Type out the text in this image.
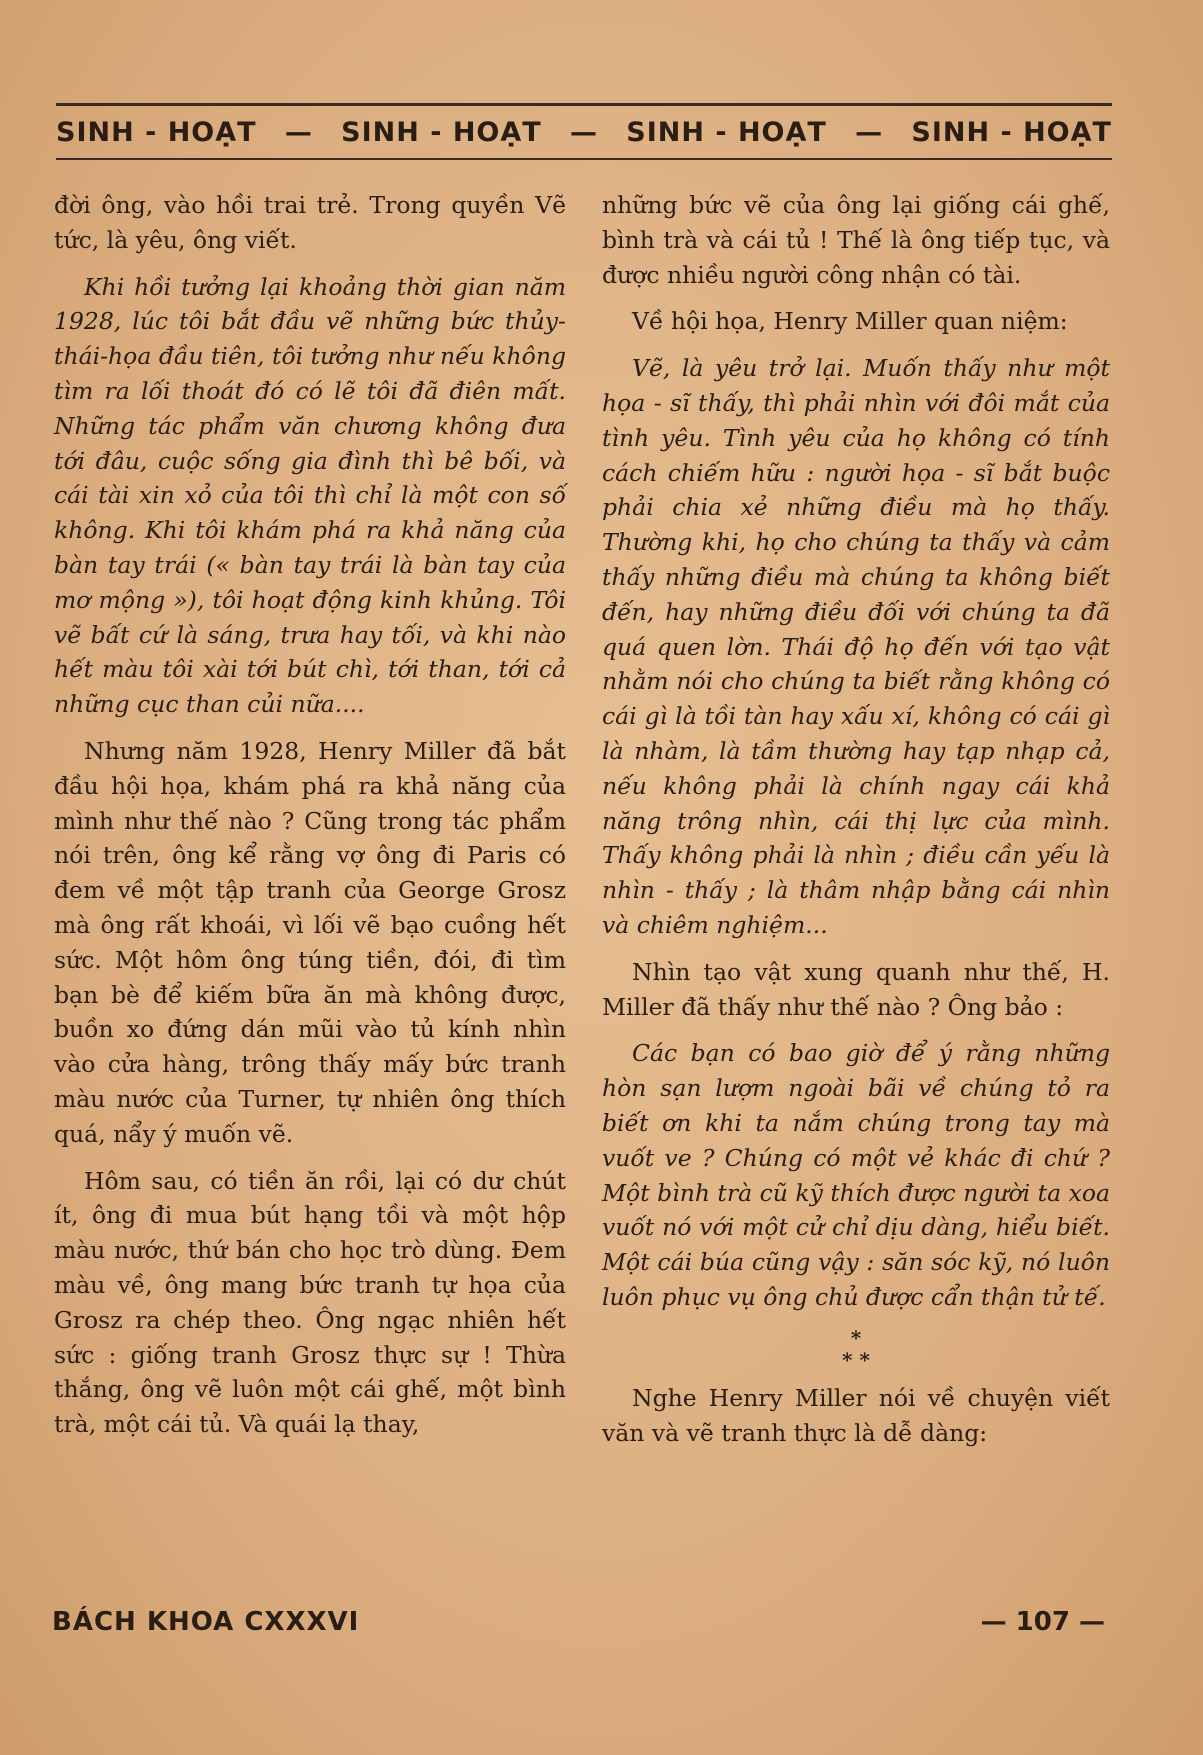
SINH - HOẠT — SINH - HOẠT — SINH - HOẠT — SINH - HOẠT

đời ông, vào hồi trai trẻ. Trong quyền Vẽ tức, là yêu, ông viết.

Khi hồi tưởng lại khoảng thời gian năm 1928, lúc tôi bắt đầu vẽ những bức thủy-thái-họa đầu tiên, tôi tưởng như nếu không tìm ra lối thoát đó có lẽ tôi đã điên mất. Những tác phẩm văn chương không đưa tới đâu, cuộc sống gia đình thì bê bối, và cái tài xin xỏ của tôi thì chỉ là một con số không. Khi tôi khám phá ra khả năng của bàn tay trái (« bàn tay trái là bàn tay của mơ mộng »), tôi hoạt động kinh khủng. Tôi vẽ bất cứ là sáng, trưa hay tối, và khi nào hết màu tôi xài tới bút chì, tới than, tới cả những cục than củi nữa....

Nhưng năm 1928, Henry Miller đã bắt đầu hội họa, khám phá ra khả năng của mình như thế nào ? Cũng trong tác phẩm nói trên, ông kể rằng vợ ông đi Paris có đem về một tập tranh của George Grosz mà ông rất khoái, vì lối vẽ bạo cuồng hết sức. Một hôm ông túng tiền, đói, đi tìm bạn bè để kiếm bữa ăn mà không được, buồn xo đứng dán mũi vào tủ kính nhìn vào cửa hàng, trông thấy mấy bức tranh màu nước của Turner, tự nhiên ông thích quá, nẩy ý muốn vẽ.

Hôm sau, có tiền ăn rồi, lại có dư chút ít, ông đi mua bút hạng tồi và một hộp màu nước, thứ bán cho học trò dùng. Đem màu về, ông mang bức tranh tự họa của Grosz ra chép theo. Ông ngạc nhiên hết sức : giống tranh Grosz thực sự ! Thừa thắng, ông vẽ luôn một cái ghế, một bình trà, một cái tủ. Và quái lạ thay,

những bức vẽ của ông lại giống cái ghế, bình trà và cái tủ ! Thế là ông tiếp tục, và được nhiều người công nhận có tài.

Về hội họa, Henry Miller quan niệm:

Vẽ, là yêu trở lại. Muốn thấy như một họa - sĩ thấy, thì phải nhìn với đôi mắt của tình yêu. Tình yêu của họ không có tính cách chiếm hữu : người họa - sĩ bắt buộc phải chia xẻ những điều mà họ thấy. Thường khi, họ cho chúng ta thấy và cảm thấy những điều mà chúng ta không biết đến, hay những điều đối với chúng ta đã quá quen lờn. Thái độ họ đến với tạo vật nhằm nói cho chúng ta biết rằng không có cái gì là tồi tàn hay xấu xí, không có cái gì là nhàm, là tầm thường hay tạp nhạp cả, nếu không phải là chính ngay cái khả năng trông nhìn, cái thị lực của mình. Thấy không phải là nhìn ; điều cần yếu là nhìn - thấy ; là thâm nhập bằng cái nhìn và chiêm nghiệm...

Nhìn tạo vật xung quanh như thế, H. Miller đã thấy như thế nào ? Ông bảo :

Các bạn có bao giờ để ý rằng những hòn sạn lượm ngoài bãi về chúng tỏ ra biết ơn khi ta nắm chúng trong tay mà vuốt ve ? Chúng có một vẻ khác đi chứ ? Một bình trà cũ kỹ thích được người ta xoa vuốt nó với một cử chỉ dịu dàng, hiểu biết. Một cái búa cũng vậy : săn sóc kỹ, nó luôn luôn phục vụ ông chủ được cẩn thận tử tế.

*
* *

Nghe Henry Miller nói về chuyện viết văn và vẽ tranh thực là dễ dàng:

BÁCH KHOA CXXXVI	— 107 —
